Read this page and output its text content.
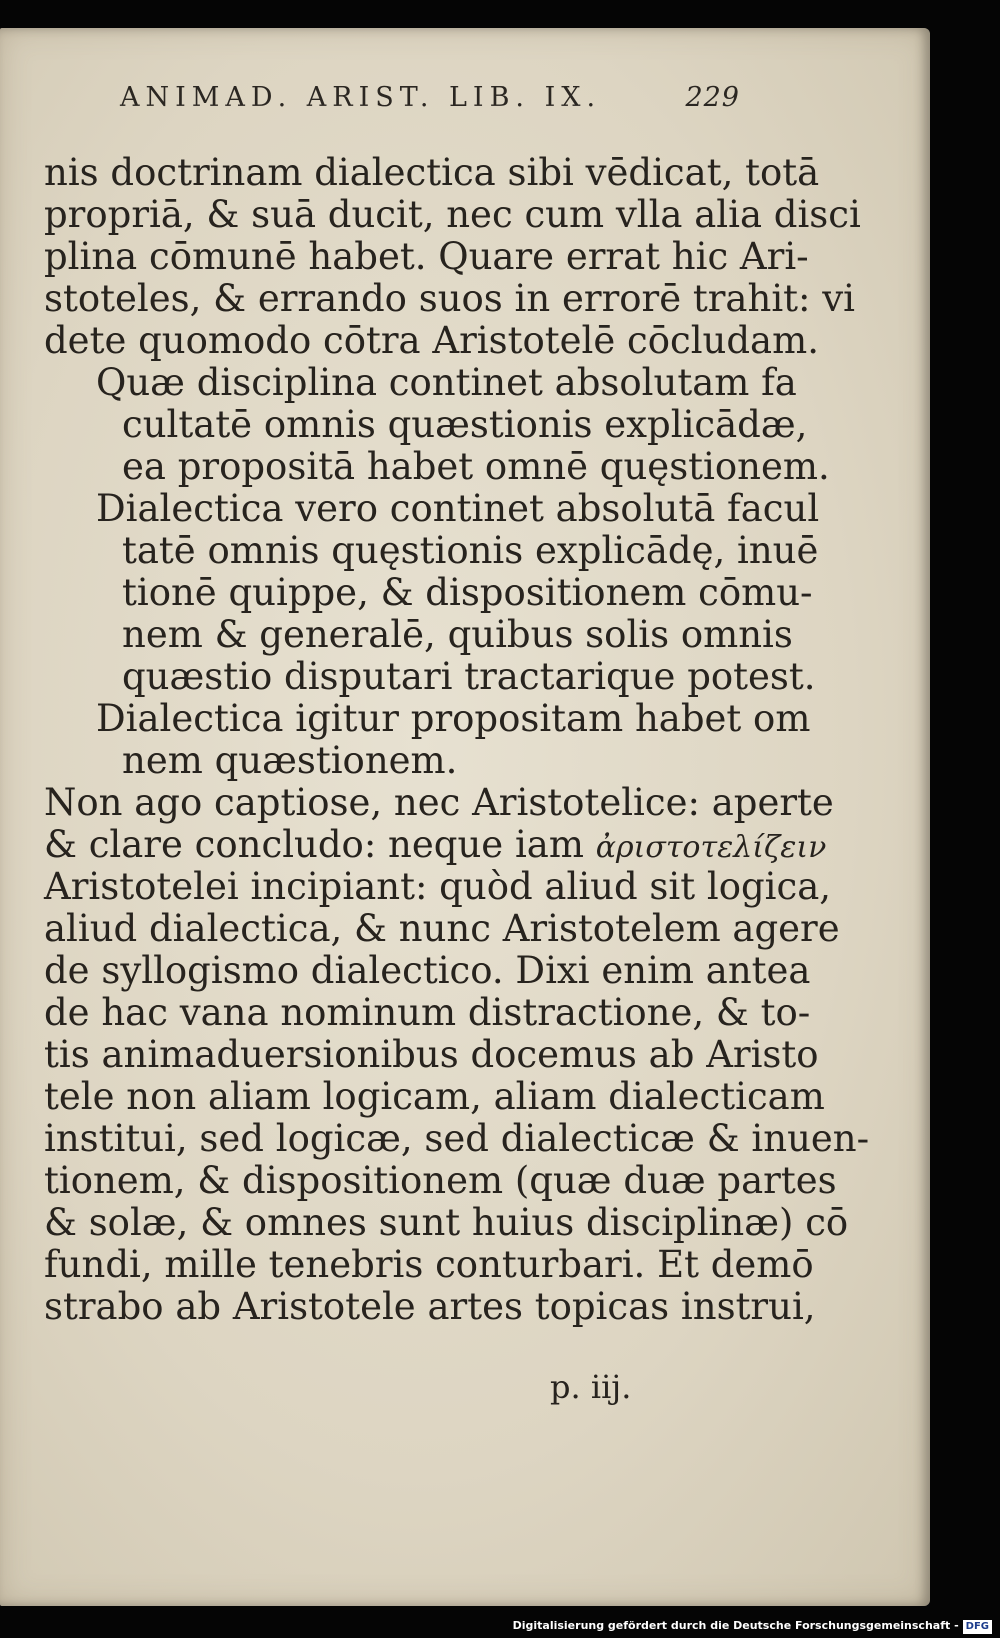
ANIMAD. ARIST. LIB. IX.	229
nis doctrinam dialectica sibi vēdicat, totā
propriā, & suā ducit, nec cum vlla alia disci
plina cōmunē habet. Quare errat hic Ari-
stoteles, & errando suos in errorē trahit: vi
dete quomodo cōtra Aristotelē cōcludam.
Quæ disciplina continet absolutam fa
cultatē omnis quæstionis explicādæ,
ea propositā habet omnē quęstionem.
Dialectica vero continet absolutā facul
tatē omnis quęstionis explicādę, inuē
tionē quippe, & dispositionem cōmu-
nem & generalē, quibus solis omnis
quæstio disputari tractarique potest.
Dialectica igitur propositam habet om
nem quæstionem.
Non ago captiose, nec Aristotelice: aperte
& clare concludo: neque iam ἀριστοτελίζειν
Aristotelei incipiant: quòd aliud sit logica,
aliud dialectica, & nunc Aristotelem agere
de syllogismo dialectico. Dixi enim antea
de hac vana nominum distractione, & to-
tis animaduersionibus docemus ab Aristo
tele non aliam logicam, aliam dialecticam
institui, sed logicæ, sed dialecticæ & inuen-
tionem, & dispositionem (quæ duæ partes
& solæ, & omnes sunt huius disciplinæ) cō
fundi, mille tenebris conturbari. Et demō
strabo ab Aristotele artes topicas instrui,
p. iij.
Digitalisierung gefördert durch die Deutsche Forschungsgemeinschaft - DFG
